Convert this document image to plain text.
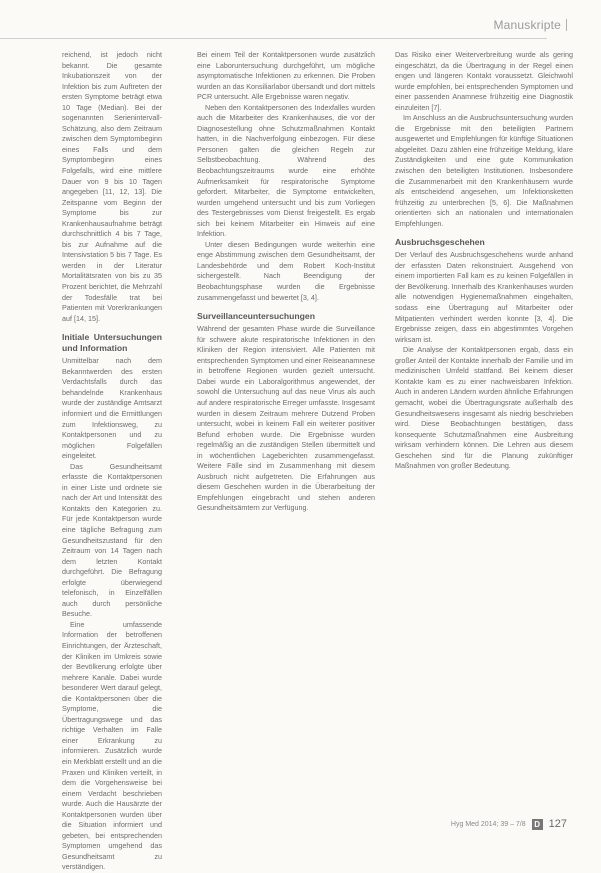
Manuskripte

reichend, ist jedoch nicht bekannt. Die gesamte Inkubationszeit von der Infektion bis zum Auftreten der ersten Symptome beträgt etwa 10 Tage (Median). Bei der sogenannten Serienintervall-Schätzung, also dem Zeitraum zwischen dem Symptombeginn eines Falls und dem Symptombeginn eines Folgefalls, wird eine mittlere Dauer von 9 bis 10 Tagen angegeben [11, 12, 13]. Die Zeitspanne vom Beginn der Symptome bis zur Krankenhausaufnahme beträgt durchschnittlich 4 bis 7 Tage, bis zur Aufnahme auf die Intensivstation 5 bis 7 Tage. Es werden in der Literatur Mortalitätsraten von bis zu 35 Prozent berichtet, die Mehrzahl der Todesfälle trat bei Patienten mit Vorerkrankungen auf [14, 15].

Initiale Untersuchungen und Information

Unmittelbar nach dem Bekanntwerden des ersten Verdachtsfalls durch das behandelnde Krankenhaus wurde der zuständige Amtsarzt informiert und die Ermittlungen zum Infektionsweg, zu Kontaktpersonen und zu möglichen Folgefällen eingeleitet.

Das Gesundheitsamt erfasste die Kontaktpersonen in einer Liste und ordnete sie nach der Art und Intensität des Kontakts den Kategorien zu. Für jede Kontaktperson wurde eine tägliche Befragung zum Gesundheitszustand für den Zeitraum von 14 Tagen nach dem letzten Kontakt durchgeführt. Die Befragung erfolgte überwiegend telefonisch, in Einzelfällen auch durch persönliche Besuche.

Eine umfassende Information der betroffenen Einrichtungen, der Ärzteschaft, der Kliniken im Umkreis sowie der Bevölkerung erfolgte über mehrere Kanäle. Dabei wurde besonderer Wert darauf gelegt, die Kontaktpersonen über die Symptome, die Übertragungswege und das richtige Verhalten im Falle einer Erkrankung zu informieren. Zusätzlich wurde ein Merkblatt erstellt und an die Praxen und Kliniken verteilt, in dem die Vorgehensweise bei einem Verdacht beschrieben wurde. Auch die Hausärzte der Kontaktpersonen wurden über die Situation informiert und gebeten, bei entsprechenden Symptomen umgehend das Gesundheitsamt zu verständigen.

Bei einem Teil der Kontaktpersonen wurde zusätzlich eine Laboruntersuchung durchgeführt, um mögliche asymptomatische Infektionen zu erkennen. Die Proben wurden an das Konsiliarlabor übersandt und dort mittels PCR untersucht. Alle Ergebnisse waren negativ.

Neben den Kontaktpersonen des Indexfalles wurden auch die Mitarbeiter des Krankenhauses, die vor der Diagnosestellung ohne Schutzmaßnahmen Kontakt hatten, in die Nachverfolgung einbezogen. Für diese Personen galten die gleichen Regeln zur Selbstbeobachtung. Während des Beobachtungszeitraums wurde eine erhöhte Aufmerksamkeit für respiratorische Symptome gefordert. Mitarbeiter, die Symptome entwickelten, wurden umgehend untersucht und bis zum Vorliegen des Testergebnisses vom Dienst freigestellt. Es ergab sich bei keinem Mitarbeiter ein Hinweis auf eine Infektion.

Unter diesen Bedingungen wurde weiterhin eine enge Abstimmung zwischen dem Gesundheitsamt, der Landesbehörde und dem Robert Koch-Institut sichergestellt. Nach Beendigung der Beobachtungsphase wurden die Ergebnisse zusammengefasst und bewertet [3, 4].

Surveillanceuntersuchungen

Während der gesamten Phase wurde die Surveillance für schwere akute respiratorische Infektionen in den Kliniken der Region intensiviert. Alle Patienten mit entsprechenden Symptomen und einer Reiseanamnese in betroffene Regionen wurden gezielt untersucht. Dabei wurde ein Laboralgorithmus angewendet, der sowohl die Untersuchung auf das neue Virus als auch auf andere respiratorische Erreger umfasste. Insgesamt wurden in diesem Zeitraum mehrere Dutzend Proben untersucht, wobei in keinem Fall ein weiterer positiver Befund erhoben wurde. Die Ergebnisse wurden regelmäßig an die zuständigen Stellen übermittelt und in wöchentlichen Lageberichten zusammengefasst. Weitere Fälle sind im Zusammenhang mit diesem Ausbruch nicht aufgetreten. Die Erfahrungen aus diesem Geschehen wurden in die Überarbeitung der Empfehlungen eingebracht und stehen anderen Gesundheitsämtern zur Verfügung.

Das Risiko einer Weiterverbreitung wurde als gering eingeschätzt, da die Übertragung in der Regel einen engen und längeren Kontakt voraussetzt. Gleichwohl wurde empfohlen, bei entsprechenden Symptomen und einer passenden Anamnese frühzeitig eine Diagnostik einzuleiten [7].

Im Anschluss an die Ausbruchsuntersuchung wurden die Ergebnisse mit den beteiligten Partnern ausgewertet und Empfehlungen für künftige Situationen abgeleitet. Dazu zählen eine frühzeitige Meldung, klare Zuständigkeiten und eine gute Kommunikation zwischen den beteiligten Institutionen. Insbesondere die Zusammenarbeit mit den Krankenhäusern wurde als entscheidend angesehen, um Infektionsketten frühzeitig zu unterbrechen [5, 6]. Die Maßnahmen orientierten sich an nationalen und internationalen Empfehlungen.

Ausbruchsgeschehen

Der Verlauf des Ausbruchsgeschehens wurde anhand der erfassten Daten rekonstruiert. Ausgehend von einem importierten Fall kam es zu keinen Folgefällen in der Bevölkerung. Innerhalb des Krankenhauses wurden alle notwendigen Hygienemaßnahmen eingehalten, sodass eine Übertragung auf Mitarbeiter oder Mitpatienten verhindert werden konnte [3, 4]. Die Ergebnisse zeigen, dass ein abgestimmtes Vorgehen wirksam ist.

Die Analyse der Kontaktpersonen ergab, dass ein großer Anteil der Kontakte innerhalb der Familie und im medizinischen Umfeld stattfand. Bei keinem dieser Kontakte kam es zu einer nachweisbaren Infektion. Auch in anderen Ländern wurden ähnliche Erfahrungen gemacht, wobei die Übertragungsrate außerhalb des Gesundheitswesens insgesamt als niedrig beschrieben wird. Diese Beobachtungen bestätigen, dass konsequente Schutzmaßnahmen eine Ausbreitung wirksam verhindern können. Die Lehren aus diesem Geschehen sind für die Planung zukünftiger Maßnahmen von großer Bedeutung.

Hyg Med 2014; 39 – 7/8	D 127
